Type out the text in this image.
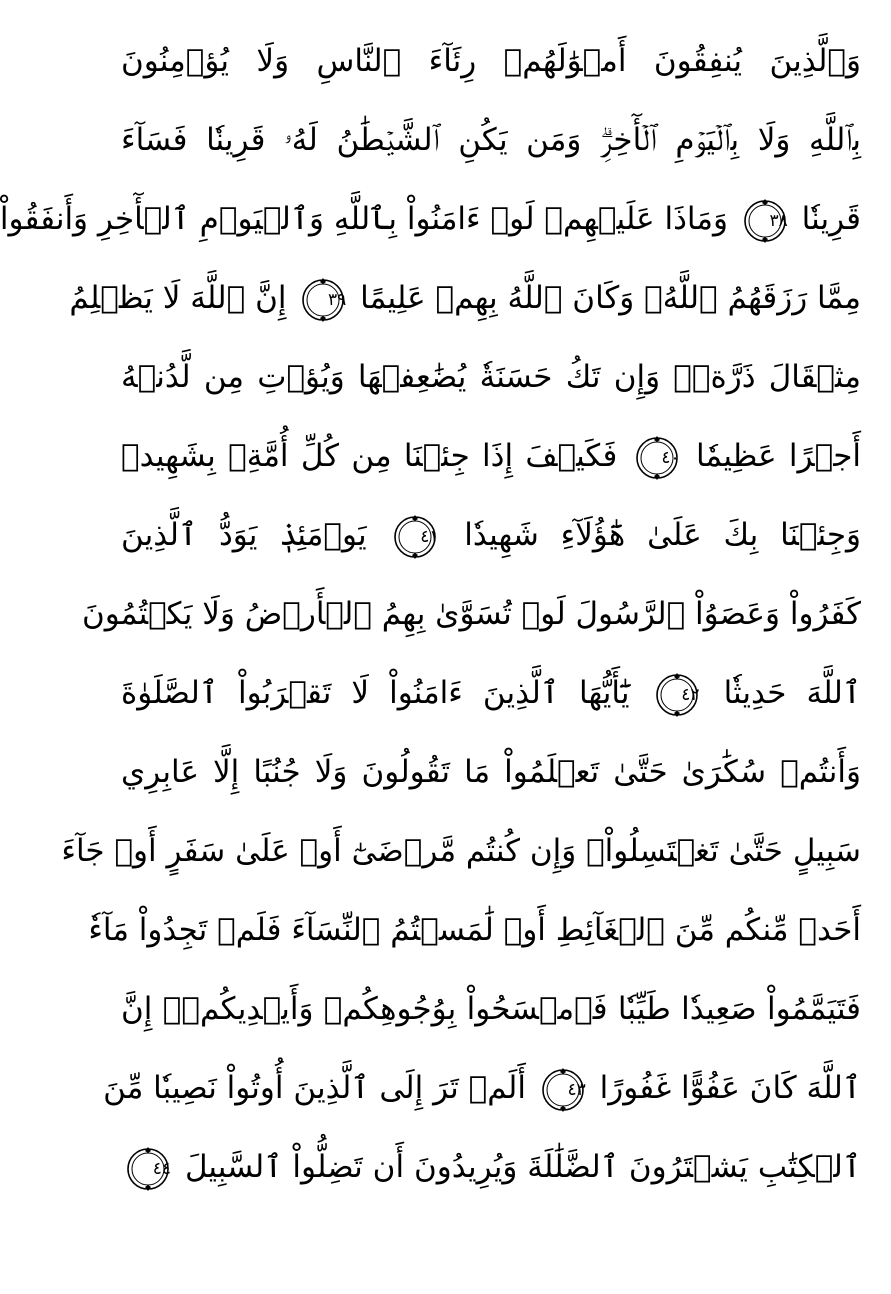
وَٱلَّذِينَ يُنفِقُونَ أَمۡوَٰلَهُمۡ رِئَآءَ ٱلنَّاسِ وَلَا يُؤۡمِنُونَ
بِٱللَّهِ وَلَا بِٱلۡيَوۡمِ ٱلۡأٓخِرِۗ وَمَن يَكُنِ ٱلشَّيۡطَٰنُ لَهُۥ قَرِينٗا فَسَآءَ
قَرِينٗا
٣٨
وَمَاذَا عَلَيۡهِمۡ لَوۡ ءَامَنُواْ بِٱللَّهِ وَٱلۡيَوۡمِ ٱلۡأٓخِرِ وَأَنفَقُواْ
مِمَّا رَزَقَهُمُ ٱللَّهُۚ وَكَانَ ٱللَّهُ بِهِمۡ عَلِيمًا
٣٩
إِنَّ ٱللَّهَ لَا يَظۡلِمُ
مِثۡقَالَ ذَرَّةٖۖ وَإِن تَكُ حَسَنَةٗ يُضَٰعِفۡهَا وَيُؤۡتِ مِن لَّدُنۡهُ
أَجۡرًا عَظِيمٗا
٤٠
فَكَيۡفَ إِذَا جِئۡنَا مِن كُلِّ أُمَّةِۭ بِشَهِيدٖ
وَجِئۡنَا بِكَ عَلَىٰ هَٰٓؤُلَآءِ شَهِيدٗا
٤١
يَوۡمَئِذٖ يَوَدُّ ٱلَّذِينَ
كَفَرُواْ وَعَصَوُاْ ٱلرَّسُولَ لَوۡ تُسَوَّىٰ بِهِمُ ٱلۡأَرۡضُ وَلَا يَكۡتُمُونَ
ٱللَّهَ حَدِيثٗا
٤٢
يَٰٓأَيُّهَا ٱلَّذِينَ ءَامَنُواْ لَا تَقۡرَبُواْ ٱلصَّلَوٰةَ
وَأَنتُمۡ سُكَٰرَىٰ حَتَّىٰ تَعۡلَمُواْ مَا تَقُولُونَ وَلَا جُنُبًا إِلَّا عَابِرِي
سَبِيلٍ حَتَّىٰ تَغۡتَسِلُواْۚ وَإِن كُنتُم مَّرۡضَىٰٓ أَوۡ عَلَىٰ سَفَرٍ أَوۡ جَآءَ
أَحَدٞ مِّنكُم مِّنَ ٱلۡغَآئِطِ أَوۡ لَٰمَسۡتُمُ ٱلنِّسَآءَ فَلَمۡ تَجِدُواْ مَآءٗ
فَتَيَمَّمُواْ صَعِيدٗا طَيِّبٗا فَٱمۡسَحُواْ بِوُجُوهِكُمۡ وَأَيۡدِيكُمۡۗ إِنَّ
ٱللَّهَ كَانَ عَفُوًّا غَفُورًا
٤٣
أَلَمۡ تَرَ إِلَى ٱلَّذِينَ أُوتُواْ نَصِيبٗا مِّنَ
ٱلۡكِتَٰبِ يَشۡتَرُونَ ٱلضَّلَٰلَةَ وَيُرِيدُونَ أَن تَضِلُّواْ ٱلسَّبِيلَ
٤٤
